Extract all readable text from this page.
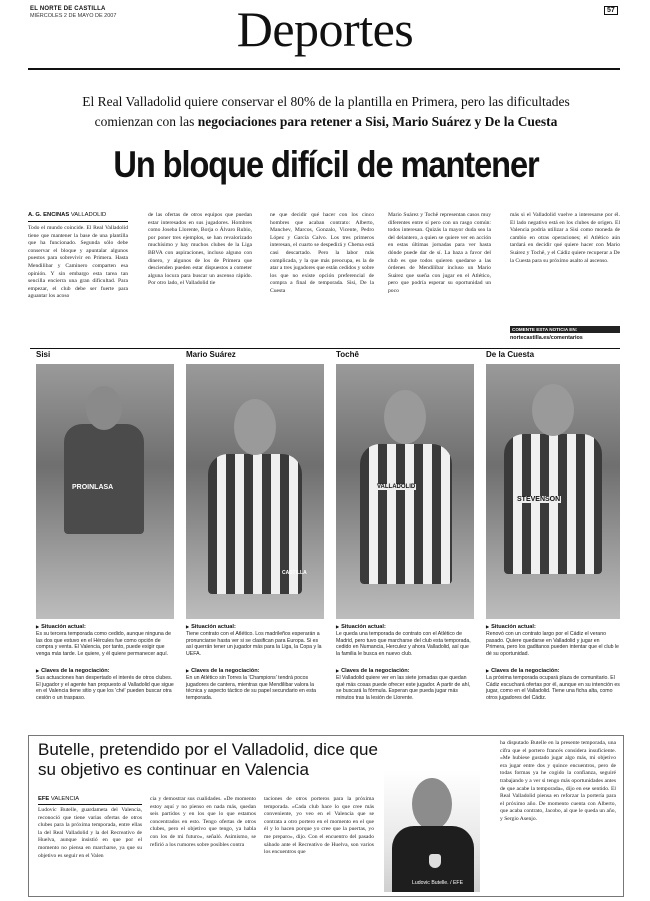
EL NORTE DE CASTILLA
MIÉRCOLES 2 DE MAYO DE 2007	Deportes	57
El Real Valladolid quiere conservar el 80% de la plantilla en Primera, pero las dificultades
comienzan con las negociaciones para retener a Sisi, Mario Suárez y De la Cuesta
Un bloque difícil de mantener
A. G. ENCINAS VALLADOLID

Todo el mundo coincide. El Real Valladolid tiene que mantener la base de una plantilla que ha funcionado. Segunda sólo debe conservar el bloque y apuntalar algunos puestos para sobrevivir en Primera. Hasta Mendilibar y Caminero comparten esa opinión. Y sin embargo esta tarea tan sencilla encierra una gran dificultad. Para empezar, el club debe ser fuerte para aguantar los acoso

de las ofertas de otros equipos que puedan estar interesados en sus jugadores. Hombres como Joseba Llorente, Borja o Álvaro Rubio, por poner tres ejemplos, se han revalorizado muchísimo y hay muchos clubes de la Liga BBVA con aspiraciones, incluso alguno con dinero, y algunos de los de Primera que descienden pueden estar dispuestos a cometer alguna locura para buscar un ascenso rápido. Por otro lado, el Valladolid tie

ne que decidir qué hacer con los cinco hombres que acaban contrato: Alberto, Manchev, Marcos, Gonzalo, Vicente, Pedro López y García Calvo. Los tres primeros interesan, el cuarto se despedirá y Chema está casi descartado. Pero la labor más complicada, y la que más preocupa, es la de atar a tres jugadores que están cedidos y sobre los que no existe opción preferencial de compra a final de temporada. Sisi, De la Cuesta

Mario Suárez y Tochê representan casos muy diferentes entre sí pero con un rasgo común: todos interesan. Quizás la mayor duda sea la del delantero, a quien se quiere ver en acción en estas últimas jornadas para ver hasta dónde puede dar de sí. La baza a favor del club es que todos quieren quedarse a las órdenes de Mendilibar incluso un Mario Suárez que sueña con jugar en el Atlético, pero que podría esperar su oportunidad un poco

más si el Valladolid vuelve a interesarse por él. El lado negativo está en los clubes de origen. El Valencia podría utilizar a Sisi como moneda de cambio en otras operaciones; el Atlético aún tardará en decidir qué quiere hacer con Mario Suárez y Tochê, y el Cádiz quiere recuperar a De la Cuesta para su próximo asalto al ascenso.

COMENTE ESTA NOTICIA EN:
nortecastilla.es/comentarios
Sisi
PROINLASA
▶ Situación actual:

Es su tercera temporada como cedido, aunque ninguna de las dos que estuvo en el Hércules fue como opción de compra y venta. El Valencia, por tanto, puede exigir que venga más tarde. Le quiere, y él quiere permanecer aquí.

▶ Claves de la negociación:

Sus actuaciones han despertado el interés de otros clubes. El jugador y el agente han propuesto al Valladolid que sigue en el Valencia tiene sitio y que los 'ché' pueden buscar otra cesión o un traspaso.

Mario Suárez
CASTILLA
▶ Situación actual:

Tiene contrato con el Atlético. Los madrileños esperarán a pronunciarse hasta ver si se clasifican para Europa. Si es así querrán tener un jugador más para la Liga, la Copa y la UEFA.

▶ Claves de la negociación:

En un Atlético sin Torres la 'Champions' tendrá pocos jugadores de cantera, mientras que Mendilibar valora la técnica y aspecto táctico de su papel secundario en esta temporada.

Tochê
VALLADOLID
▶ Situación actual:

Le queda una temporada de contrato con el Atlético de Madrid, pero tuvo que marcharse del club esta temporada, cedido en Numancia, Herculez y ahora Valladolid, así que la familia le busca en nuevo club.

▶ Claves de la negociación:

El Valladolid quiere ver en las siete jornadas que quedan qué más cosas puede ofrecer este jugador. A partir de ahí, se buscará la fórmula. Esperan que pueda jugar más minutos tras la lesión de Llorente.

De la Cuesta
STEVENSON
▶ Situación actual:

Renovó con un contrato largo por el Cádiz el verano pasado. Quiere quedarse en Valladolid y jugar en Primera, pero los gaditanos pueden intentar que el club le dé su oportunidad.

▶ Claves de la negociación:

La próxima temporada ocupará plaza de comunitario. El Cádiz escuchará ofertas por él, aunque en su intención es jugar, como en el Valladolid. Tiene una ficha alta, como otros jugadores del Cádiz.

Butelle, pretendido por el Valladolid, dice que su objetivo es continuar en Valencia
EFE VALENCIA

Ludovic Butelle, guardameta del Valencia, reconoció que tiene varias ofertas de otros clubes para la próxima temporada, entre ellas la del Real Valladolid y la del Recreativo de Huelva, aunque insistió en que por el momento no piensa en marcharse, ya que su objetivo es seguir en el Valen

cia y demostrar sus cualidades. «De momento estoy aquí y no pienso en nada más, quedan seis partidos y en los que lo que estamos concentrados en esto. Tengo ofertas de otros clubes, pero el objetivo que tengo, ya habla con los de mi futuro», señaló. Asimismo, se refirió a los rumores sobre posibles contra

taciones de otros porteros para la próxima temporada. «Cada club hace lo que cree más conveniente, yo veo en el Valencia que se contrata a otro portero en el momento en el que él y lo hacen porque yo cree que la puertas, yo me preparo», dijo. Con el encuentro del pasado sábado ante el Recreativo de Huelva, son varios los encuentros que

Ludovic Butelle. / EFE

ha disputado Butelle en la presente temporada, una cifra que el portero francés considera insuficiente. «Me hubiese gustado jugar algo más, mi objetivo era jugar entre dos y quince encuentros, pero de todas formas ya he cogido la confianza, seguiré trabajando y a ver si tengo más oportunidades antes de que acabe la temporada», dijo en ese sentido. El Real Valladolid piensa en reforzar la portería para el próximo año. De momento cuenta con Alberto, que acaba contrato, Jacobo, al que le queda un año, y Sergio Asenjo.
